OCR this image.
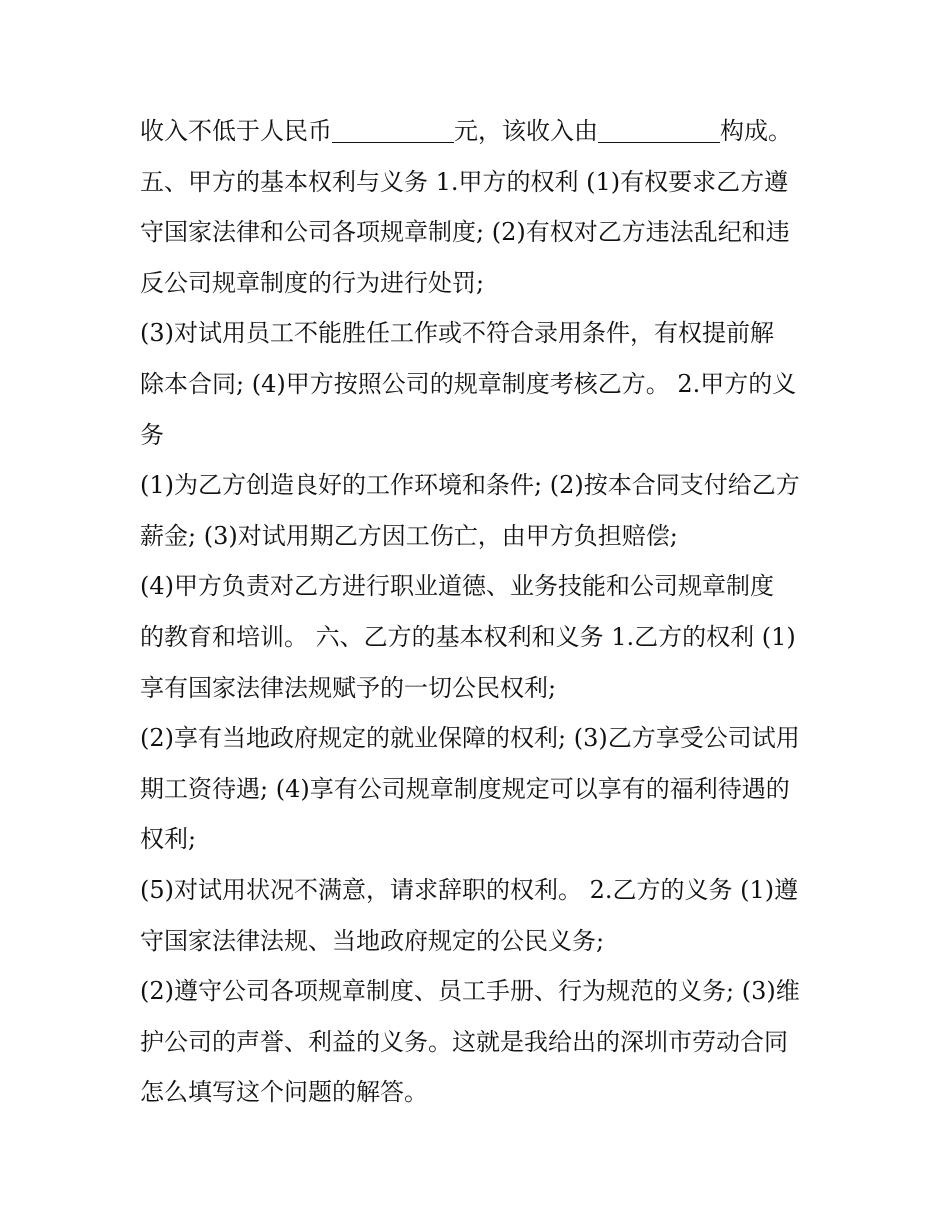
收入不低于人民币	元，该收入由	构成。
五、甲方的基本权利与义务 1.甲方的权利 (1)有权要求乙方遵
守国家法律和公司各项规章制度; (2)有权对乙方违法乱纪和违
反公司规章制度的行为进行处罚;
(3)对试用员工不能胜任工作或不符合录用条件，有权提前解
除本合同; (4)甲方按照公司的规章制度考核乙方。 2.甲方的义
务
(1)为乙方创造良好的工作环境和条件; (2)按本合同支付给乙方
薪金; (3)对试用期乙方因工伤亡，由甲方负担赔偿;
(4)甲方负责对乙方进行职业道德、业务技能和公司规章制度
的教育和培训。 六、乙方的基本权利和义务 1.乙方的权利 (1)
享有国家法律法规赋予的一切公民权利;
(2)享有当地政府规定的就业保障的权利; (3)乙方享受公司试用
期工资待遇; (4)享有公司规章制度规定可以享有的福利待遇的
权利;
(5)对试用状况不满意，请求辞职的权利。 2.乙方的义务 (1)遵
守国家法律法规、当地政府规定的公民义务;
(2)遵守公司各项规章制度、员工手册、行为规范的义务; (3)维
护公司的声誉、利益的义务。这就是我给出的深圳市劳动合同
怎么填写这个问题的解答。
